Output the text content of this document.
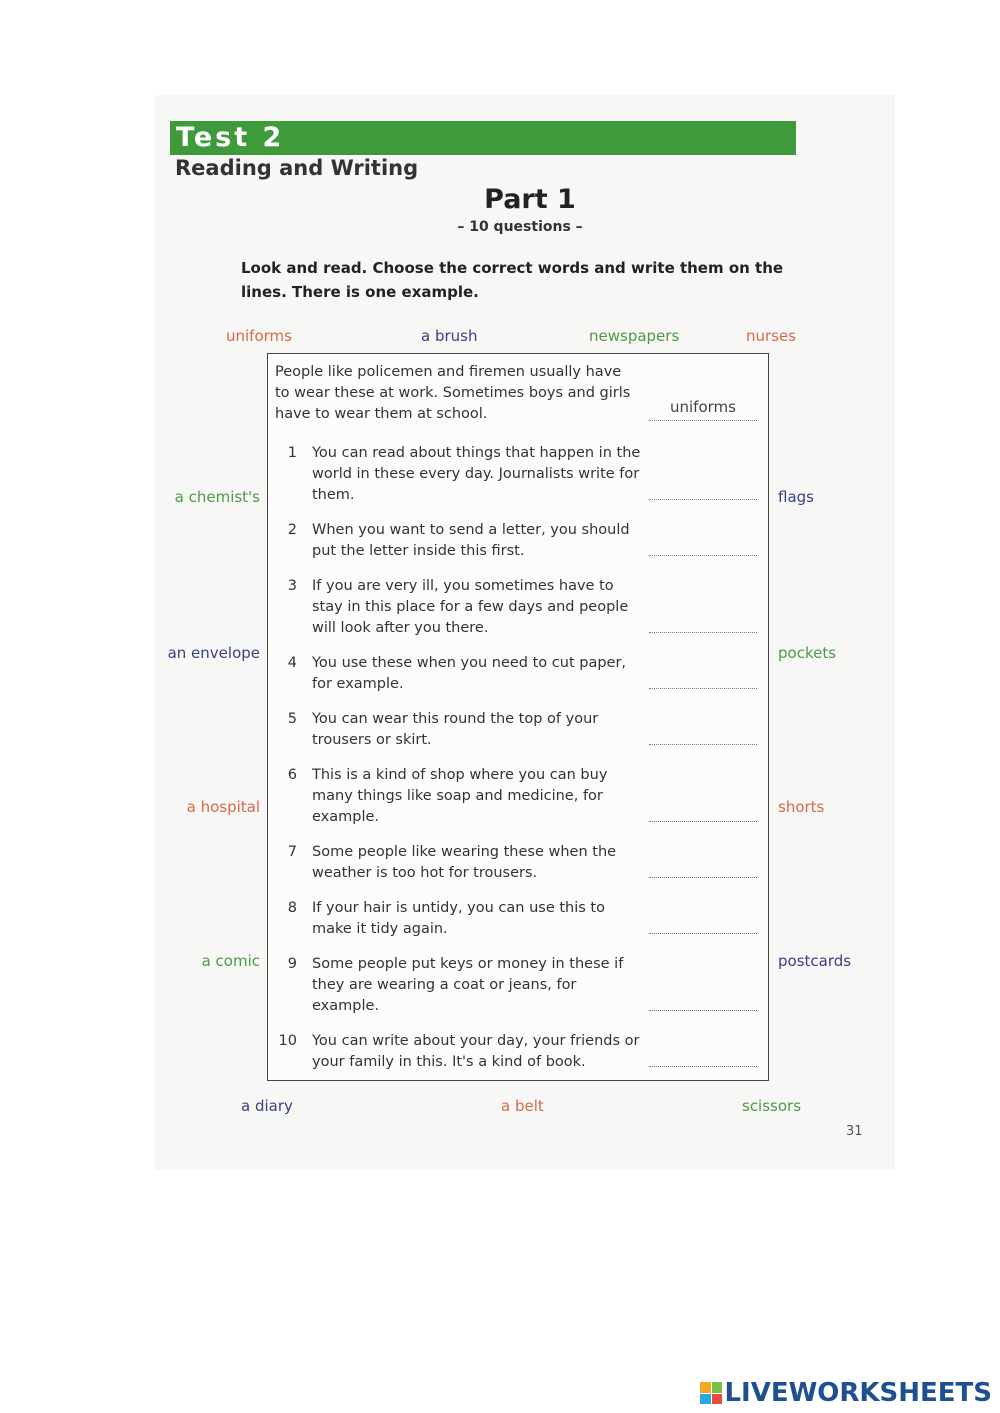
Test 2
Reading and Writing
Part 1
– 10 questions –
Look and read. Choose the correct words and write them on the lines. There is one example.
uniforms	a brush	newspapers	nurses
a chemist's
an envelope
a hospital
a comic
flags
pockets
shorts
postcards
a diary	a belt	scissors
People like policemen and firemen usually have to wear these at work. Sometimes boys and girls have to wear them at school.	uniforms
1 You can read about things that happen in the world in these every day. Journalists write for them.
2 When you want to send a letter, you should put the letter inside this first.
3 If you are very ill, you sometimes have to stay in this place for a few days and people will look after you there.
4 You use these when you need to cut paper, for example.
5 You can wear this round the top of your trousers or skirt.
6 This is a kind of shop where you can buy many things like soap and medicine, for example.
7 Some people like wearing these when the weather is too hot for trousers.
8 If your hair is untidy, you can use this to make it tidy again.
9 Some people put keys or money in these if they are wearing a coat or jeans, for example.
10 You can write about your day, your friends or your family in this. It's a kind of book.
31
LIVEWORKSHEETS
